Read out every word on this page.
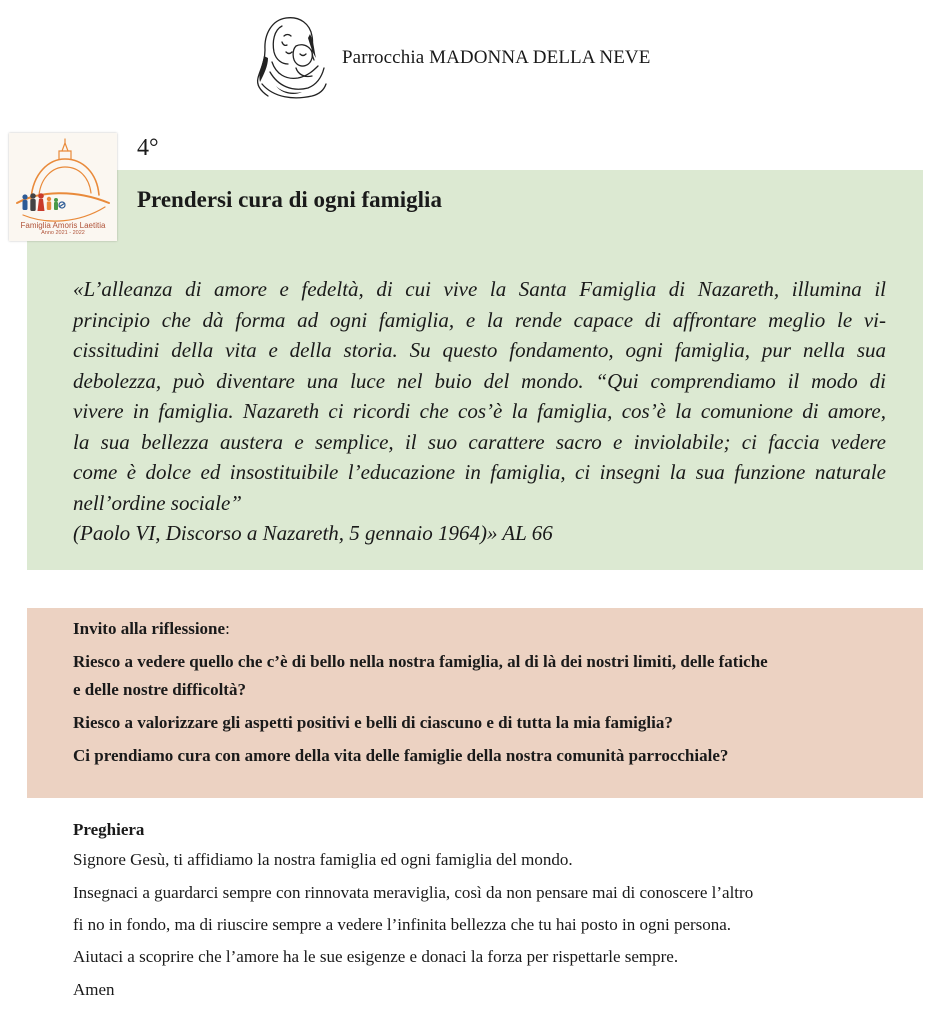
Parrocchia MADONNA DELLA NEVE
Famiglia Amoris Laetitia
Anno 2021 - 2022
4°
Prendersi cura di ogni famiglia

«L’alleanza di amore e fedeltà, di cui vive la Santa Famiglia di Nazareth, illumina il
principio che dà forma ad ogni famiglia, e la rende capace di affrontare meglio le vi-
cissitudini della vita e della storia. Su questo fondamento, ogni famiglia, pur nella sua
debolezza, può diventare una luce nel buio del mondo. “Qui comprendiamo il modo di
vivere in famiglia. Nazareth ci ricordi che cos’è la famiglia, cos’è la comunione di amore,
la sua bellezza austera e semplice, il suo carattere sacro e inviolabile; ci faccia vedere
come è dolce ed insostituibile l’educazione in famiglia, ci insegni la sua funzione naturale
nell’ordine sociale”
(Paolo VI, Discorso a Nazareth, 5 gennaio 1964)» AL 66

Invito alla riflessione:
Riesco a vedere quello che c’è di bello nella nostra famiglia, al di là dei nostri limiti, delle fatiche
e delle nostre difficoltà?
Riesco a valorizzare gli aspetti positivi e belli di ciascuno e di tutta la mia famiglia?
Ci prendiamo cura con amore della vita delle famiglie della nostra comunità parrocchiale?
Preghiera
Signore Gesù, ti affidiamo la nostra famiglia ed ogni famiglia del mondo.
Insegnaci a guardarci sempre con rinnovata meraviglia, così da non pensare mai di conoscere l’altro
fi no in fondo, ma di riuscire sempre a vedere l’infinita bellezza che tu hai posto in ogni persona.
Aiutaci a scoprire che l’amore ha le sue esigenze e donaci la forza per rispettarle sempre.
Amen
